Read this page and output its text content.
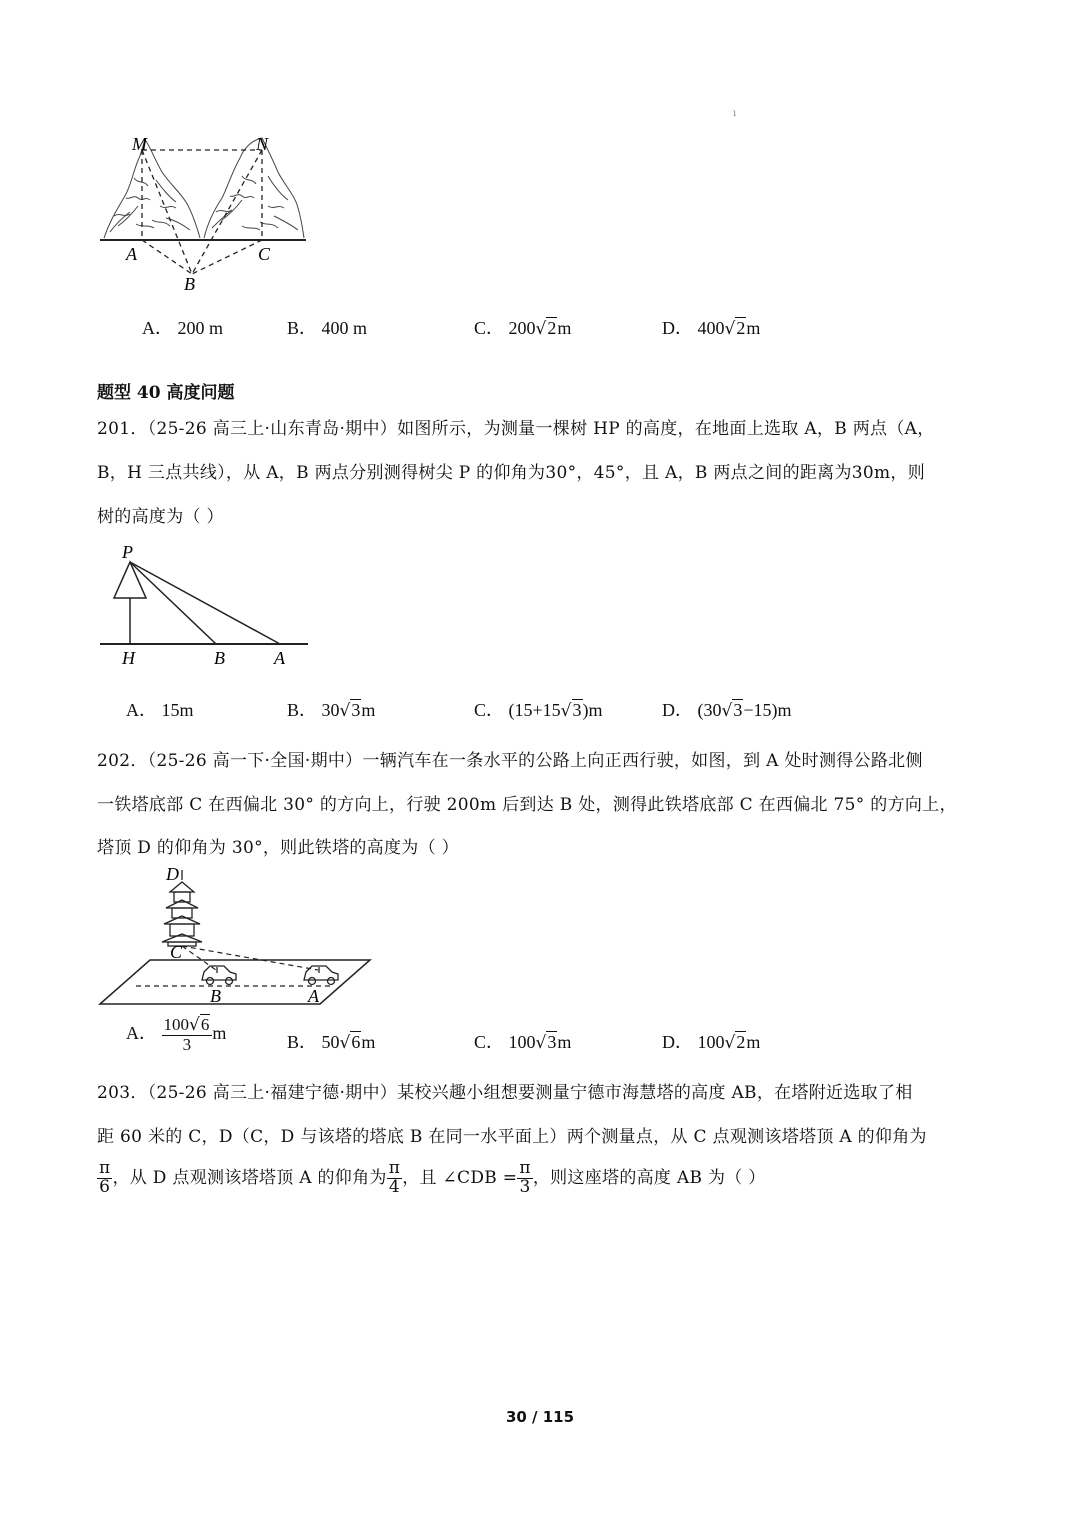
ı
M	N
A	C
B
A． 200 m	B． 400 m	C． 200√2m	D． 400√2m
题型 40 高度问题
201．（25-26 高三上·山东青岛·期中）如图所示，为测量一棵树 HP 的高度，在地面上选取 A，B 两点（A，
B，H 三点共线），从 A，B 两点分别测得树尖 P 的仰角为30°，45°，且 A，B 两点之间的距离为30m，则
树的高度为（ ）
P
H	B	A
A． 15m	B． 30√3m	C． (15+15√3)m	D． (30√3−15)m
202．（25-26 高一下·全国·期中）一辆汽车在一条水平的公路上向正西行驶，如图，到 A 处时测得公路北侧
一铁塔底部 C 在西偏北 30° 的方向上，行驶 200m 后到达 B 处，测得此铁塔底部 C 在西偏北 75° 的方向上，
塔顶 D 的仰角为 30°，则此铁塔的高度为（ ）
D
C
B	A
A． $\frac{100√6}{3}$ m	B． 50√6m	C． 100√3m	D． 100√2m
203．（25-26 高三上·福建宁德·期中）某校兴趣小组想要测量宁德市海慧塔的高度 AB，在塔附近选取了相
距 60 米的 C，D（C，D 与该塔的塔底 B 在同一水平面上）两个测量点，从 C 点观测该塔塔顶 A 的仰角为
$\frac{\pi}{6}$ ，从 D 点观测该塔塔顶 A 的仰角为 $\frac{\pi}{4}$ ，且 ∠CDB = $\frac{\pi}{3}$ ，则这座塔的高度 AB 为（ ）
30 / 115
